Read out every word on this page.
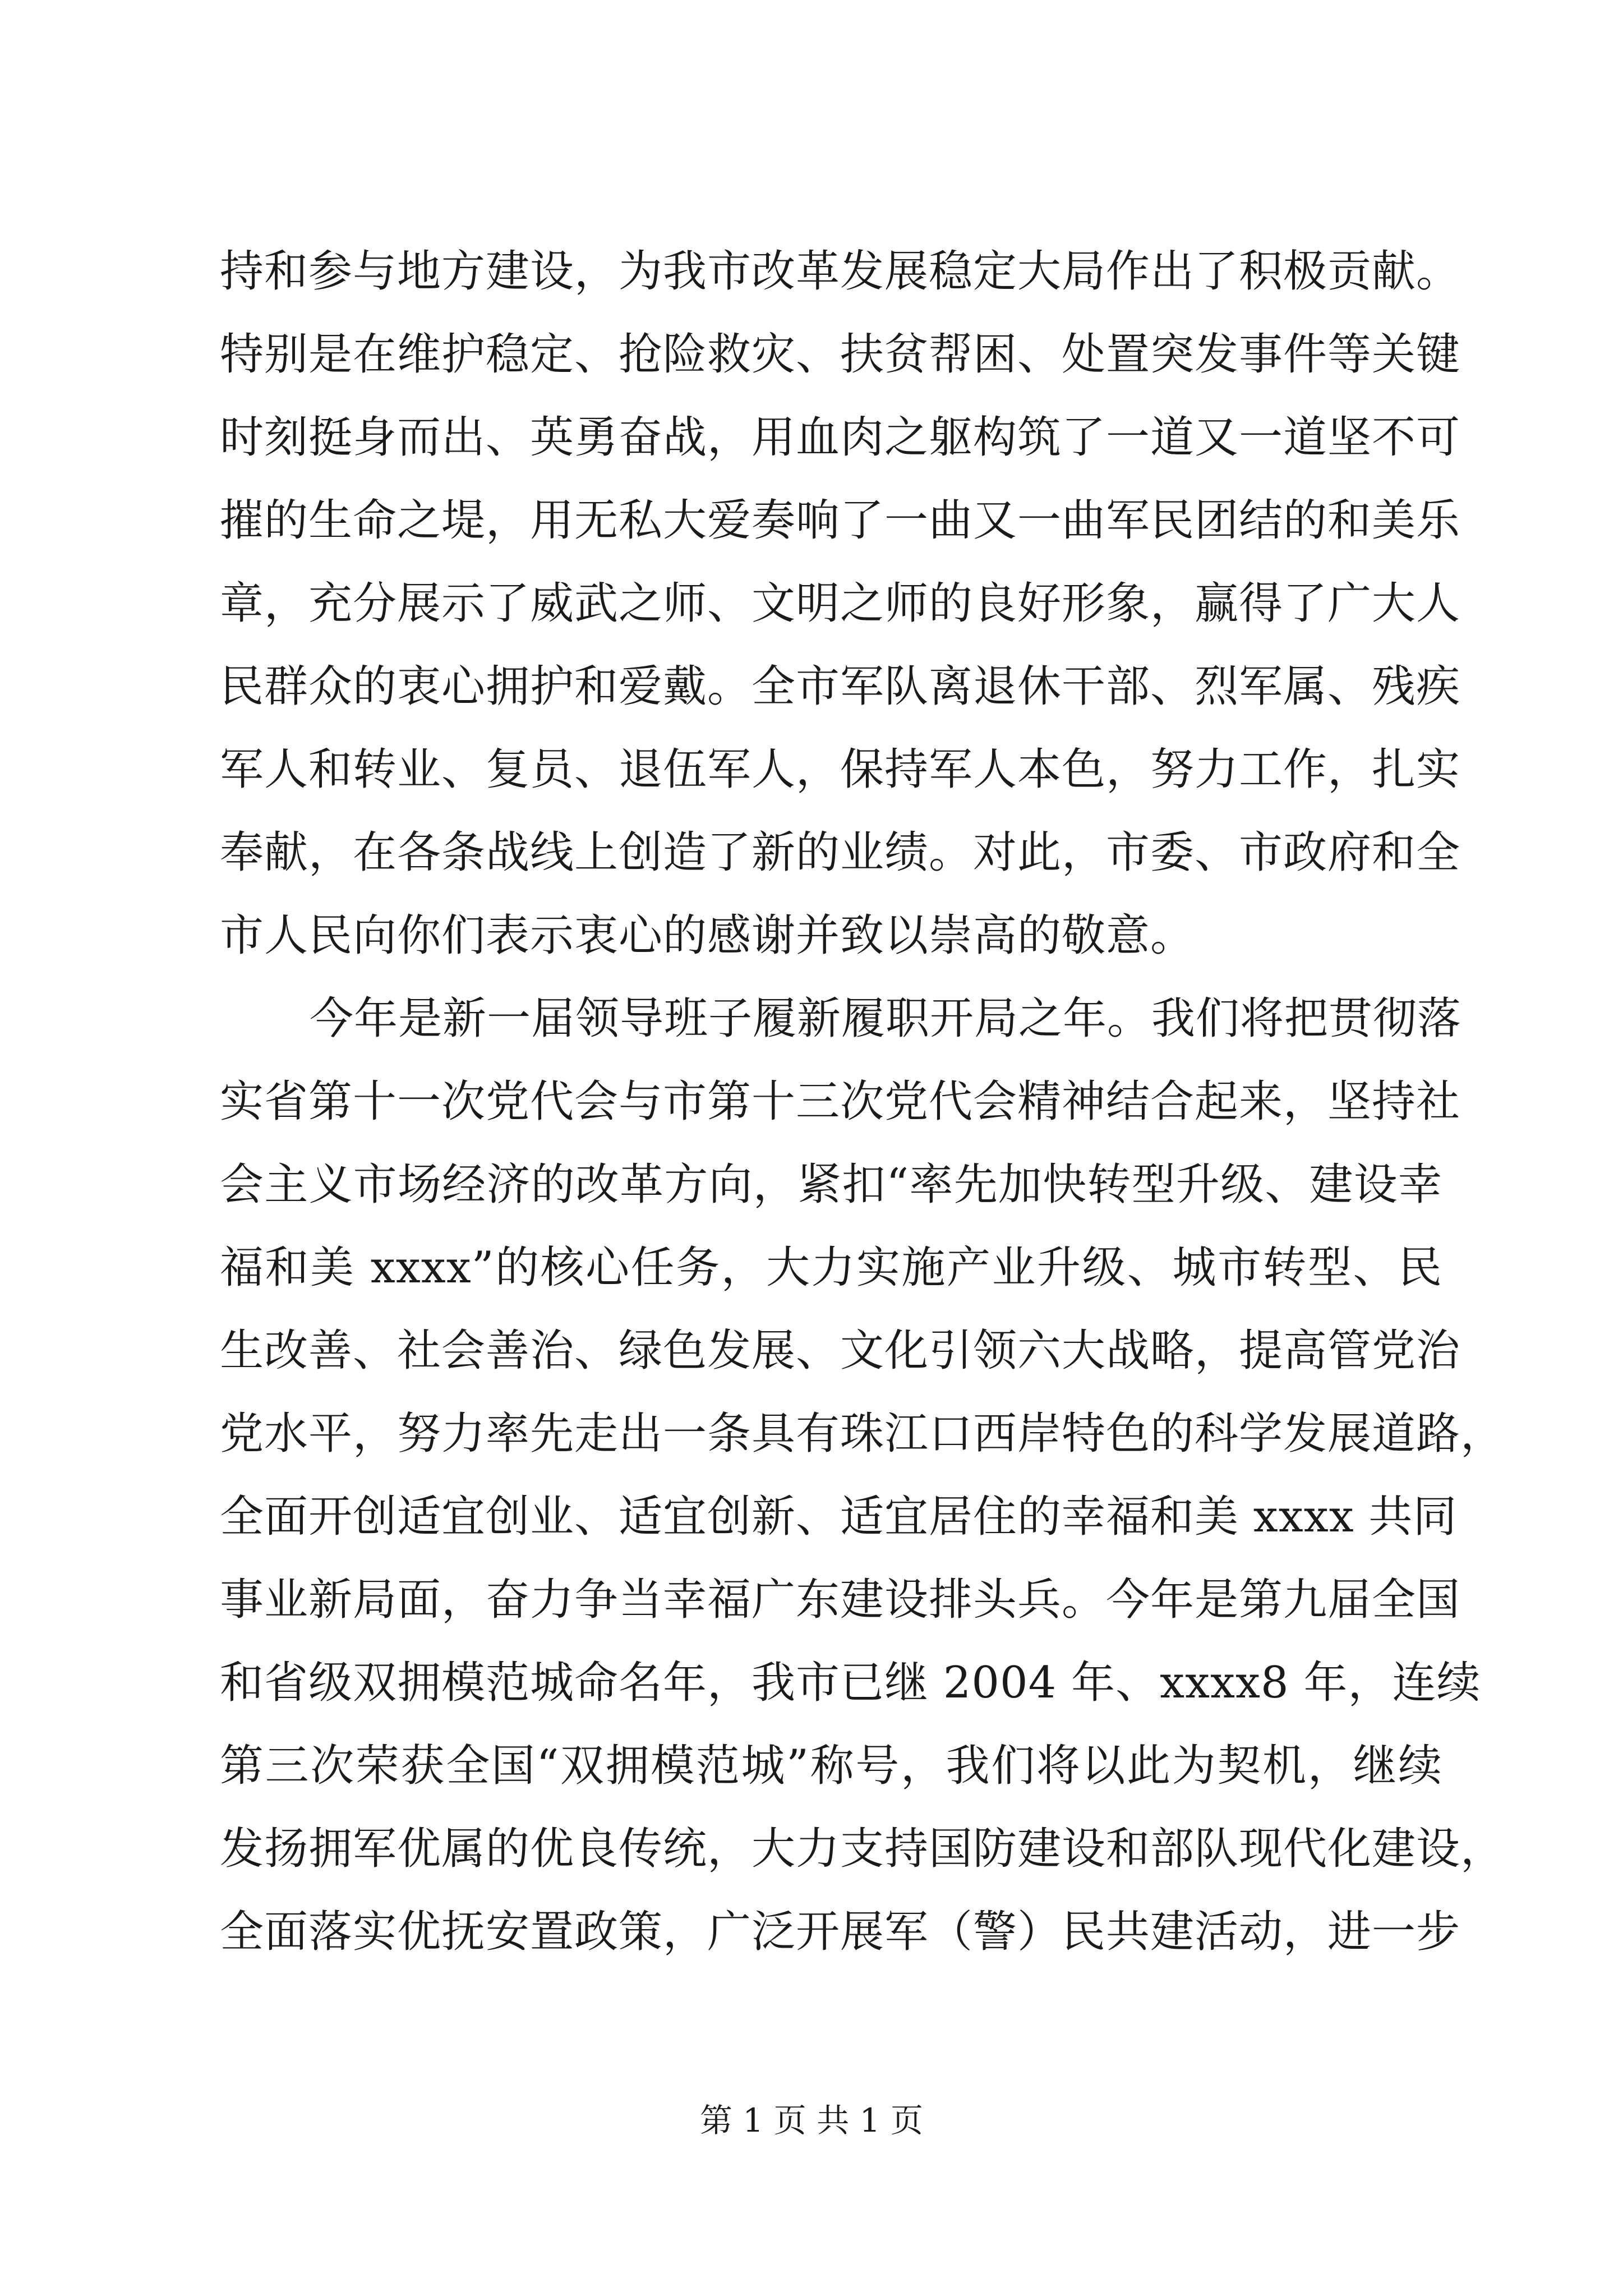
持和参与地方建设，为我市改革发展稳定大局作出了积极贡献。
特别是在维护稳定、抢险救灾、扶贫帮困、处置突发事件等关键
时刻挺身而出、英勇奋战，用血肉之躯构筑了一道又一道坚不可
摧的生命之堤，用无私大爱奏响了一曲又一曲军民团结的和美乐
章，充分展示了威武之师、文明之师的良好形象，赢得了广大人
民群众的衷心拥护和爱戴。全市军队离退休干部、烈军属、残疾
军人和转业、复员、退伍军人，保持军人本色，努力工作，扎实
奉献，在各条战线上创造了新的业绩。对此，市委、市政府和全
市人民向你们表示衷心的感谢并致以崇高的敬意。
今年是新一届领导班子履新履职开局之年。我们将把贯彻落
实省第十一次党代会与市第十三次党代会精神结合起来，坚持社
会主义市场经济的改革方向，紧扣“率先加快转型升级、建设幸
福和美 xxxx”的核心任务，大力实施产业升级、城市转型、民
生改善、社会善治、绿色发展、文化引领六大战略，提高管党治
党水平，努力率先走出一条具有珠江口西岸特色的科学发展道路，
全面开创适宜创业、适宜创新、适宜居住的幸福和美 xxxx 共同
事业新局面，奋力争当幸福广东建设排头兵。今年是第九届全国
和省级双拥模范城命名年，我市已继 2004 年、xxxx8 年，连续
第三次荣获全国“双拥模范城”称号，我们将以此为契机，继续
发扬拥军优属的优良传统，大力支持国防建设和部队现代化建设，
全面落实优抚安置政策，广泛开展军（警）民共建活动，进一步
第 1 页 共 1 页
